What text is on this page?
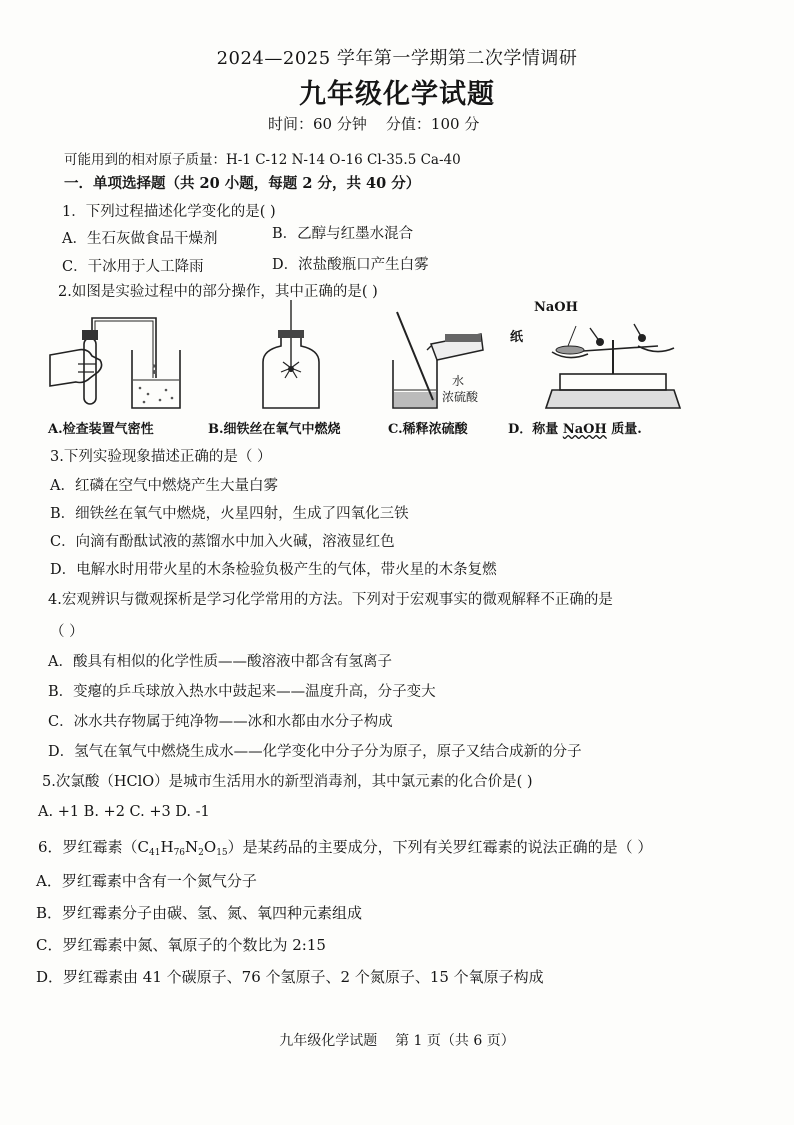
2024—2025 学年第一学期第二次学情调研
九年级化学试题
时间：60 分钟    分值：100 分
可能用到的相对原子质量：H-1 C-12 N-14 O-16 Cl-35.5 Ca-40
一．单项选择题（共 20 小题，每题 2 分，共 40 分）
1．下列过程描述化学变化的是( )
A．生石灰做食品干燥剂	B．乙醇与红墨水混合
C．干冰用于人工降雨	D．浓盐酸瓶口产生白雾
2.如图是实验过程中的部分操作，其中正确的是( )
水
浓硫酸
NaOH
纸
A.检查装置气密性	B.细铁丝在氧气中燃烧	C.稀释浓硫酸	D．称量 NaOH 质量.
3.下列实验现象描述正确的是（ ）
A．红磷在空气中燃烧产生大量白雾
B．细铁丝在氧气中燃烧，火星四射，生成了四氧化三铁
C．向滴有酚酞试液的蒸馏水中加入火碱，溶液显红色
D．电解水时用带火星的木条检验负极产生的气体，带火星的木条复燃
4.宏观辨识与微观探析是学习化学常用的方法。下列对于宏观事实的微观解释不正确的是
（ ）
A．酸具有相似的化学性质——酸溶液中都含有氢离子
B．变瘪的乒乓球放入热水中鼓起来——温度升高，分子变大
C．冰水共存物属于纯净物——冰和水都由水分子构成
D．氢气在氧气中燃烧生成水——化学变化中分子分为原子，原子又结合成新的分子
5.次氯酸（HClO）是城市生活用水的新型消毒剂，其中氯元素的化合价是( )
A. +1 B. +2 C. +3 D. -1
6．罗红霉素$(C_{41}H_{76}N_2O_{15})$是某药品的主要成分，下列有关罗红霉素的说法正确的是（ ）
A．罗红霉素中含有一个氮气分子
B．罗红霉素分子由碳、氢、氮、氧四种元素组成
C．罗红霉素中氮、氧原子的个数比为 2:15
D．罗红霉素由 41 个碳原子、76 个氢原子、2 个氮原子、15 个氧原子构成
九年级化学试题    第 1 页（共 6 页）
